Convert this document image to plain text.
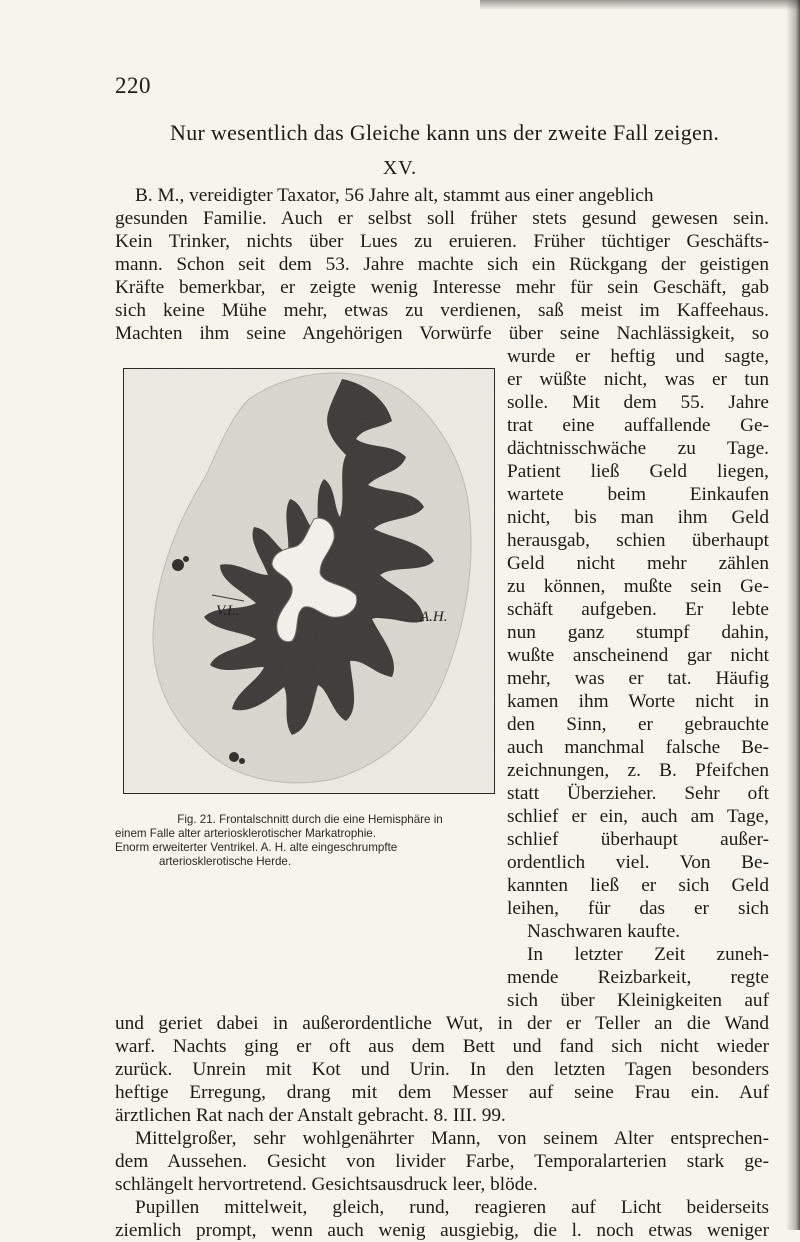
220
Nur wesentlich das Gleiche kann uns der zweite Fall zeigen.
XV.
B. M., vereidigter Taxator, 56 Jahre alt, stammt aus einer angeblich
gesunden Familie. Auch er selbst soll früher stets gesund gewesen sein.
Kein Trinker, nichts über Lues zu eruieren. Früher tüchtiger Geschäfts-
mann. Schon seit dem 53. Jahre machte sich ein Rückgang der geistigen
Kräfte bemerkbar, er zeigte wenig Interesse mehr für sein Geschäft, gab
sich keine Mühe mehr, etwas zu verdienen, saß meist im Kaffeehaus.
Machten ihm seine Angehörigen Vorwürfe über seine Nachlässigkeit, so
wurde er heftig und sagte,
er wüßte nicht, was er tun
solle. Mit dem 55. Jahre
trat eine auffallende Ge-
dächtnisschwäche zu Tage.
Patient ließ Geld liegen,
wartete beim Einkaufen
nicht, bis man ihm Geld
herausgab, schien überhaupt
Geld nicht mehr zählen
zu können, mußte sein Ge-
schäft aufgeben. Er lebte
nun ganz stumpf dahin,
wußte anscheinend gar nicht
mehr, was er tat. Häufig
kamen ihm Worte nicht in
den Sinn, er gebrauchte
auch manchmal falsche Be-
zeichnungen, z. B. Pfeifchen
statt Überzieher. Sehr oft
schlief er ein, auch am Tage,
schlief überhaupt außer-
ordentlich viel. Von Be-
kannten ließ er sich Geld
leihen, für das er sich
Naschwaren kaufte.
In letzter Zeit zuneh-
mende Reizbarkeit, regte
sich über Kleinigkeiten auf
und geriet dabei in außerordentliche Wut, in der er Teller an die Wand
warf. Nachts ging er oft aus dem Bett und fand sich nicht wieder
zurück. Unrein mit Kot und Urin. In den letzten Tagen besonders
heftige Erregung, drang mit dem Messer auf seine Frau ein. Auf
ärztlichen Rat nach der Anstalt gebracht. 8. III. 99.
Mittelgroßer, sehr wohlgenährter Mann, von seinem Alter entsprechen-
dem Aussehen. Gesicht von livider Farbe, Temporalarterien stark ge-
schlängelt hervortretend. Gesichtsausdruck leer, blöde.
Pupillen mittelweit, gleich, rund, reagieren auf Licht beiderseits
ziemlich prompt, wenn auch wenig ausgiebig, die l. noch etwas weniger
V.L.	A.H.
Fig. 21. Frontalschnitt durch die eine Hemisphäre in
einem Falle alter arteriosklerotischer Markatrophie.
Enorm erweiterter Ventrikel. A. H. alte eingeschrumpfte
arteriosklerotische Herde.
